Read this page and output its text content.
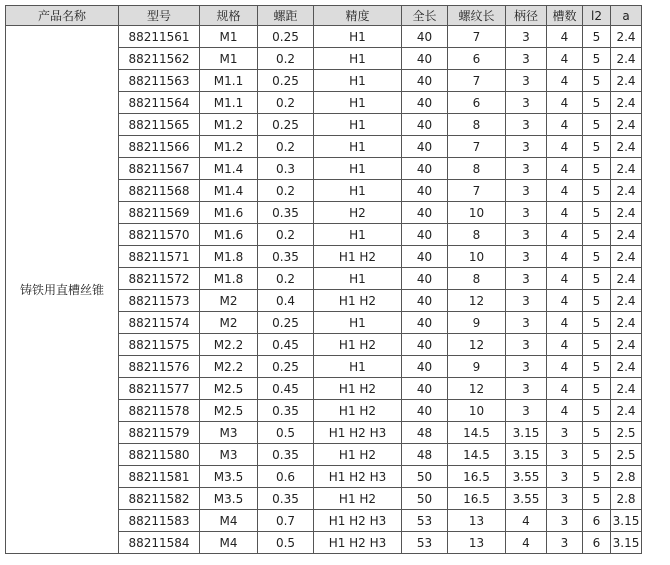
产品名称	型号	规格	螺距	精度	全长	螺纹长	柄径	槽数	l2	a
铸铁用直槽丝锥	88211561	M1	0.25	H1	40	7	3	4	5	2.4
	88211562	M1	0.2	H1	40	6	3	4	5	2.4
	88211563	M1.1	0.25	H1	40	7	3	4	5	2.4
	88211564	M1.1	0.2	H1	40	6	3	4	5	2.4
	88211565	M1.2	0.25	H1	40	8	3	4	5	2.4
	88211566	M1.2	0.2	H1	40	7	3	4	5	2.4
	88211567	M1.4	0.3	H1	40	8	3	4	5	2.4
	88211568	M1.4	0.2	H1	40	7	3	4	5	2.4
	88211569	M1.6	0.35	H2	40	10	3	4	5	2.4
	88211570	M1.6	0.2	H1	40	8	3	4	5	2.4
	88211571	M1.8	0.35	H1 H2	40	10	3	4	5	2.4
	88211572	M1.8	0.2	H1	40	8	3	4	5	2.4
	88211573	M2	0.4	H1 H2	40	12	3	4	5	2.4
	88211574	M2	0.25	H1	40	9	3	4	5	2.4
	88211575	M2.2	0.45	H1 H2	40	12	3	4	5	2.4
	88211576	M2.2	0.25	H1	40	9	3	4	5	2.4
	88211577	M2.5	0.45	H1 H2	40	12	3	4	5	2.4
	88211578	M2.5	0.35	H1 H2	40	10	3	4	5	2.4
	88211579	M3	0.5	H1 H2 H3	48	14.5	3.15	3	5	2.5
	88211580	M3	0.35	H1 H2	48	14.5	3.15	3	5	2.5
	88211581	M3.5	0.6	H1 H2 H3	50	16.5	3.55	3	5	2.8
	88211582	M3.5	0.35	H1 H2	50	16.5	3.55	3	5	2.8
	88211583	M4	0.7	H1 H2 H3	53	13	4	3	6	3.15
	88211584	M4	0.5	H1 H2 H3	53	13	4	3	6	3.15
